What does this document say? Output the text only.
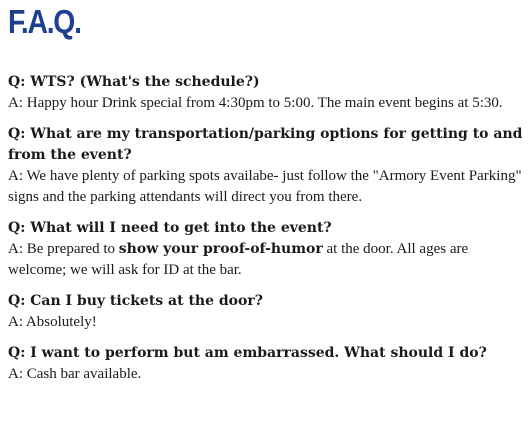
F.A.Q.

Q: WTS? (What's the schedule?)

A: Happy hour Drink special from 4:30pm to 5:00. The main event begins at 5:30.

Q: What are my transportation/parking options for getting to and from the event?

A: We have plenty of parking spots availabe- just follow the "Armory Event Parking" signs and the parking attendants will direct you from there.

Q: What will I need to get into the event?

A: Be prepared to show your proof-of-humor at the door. All ages are welcome; we will ask for ID at the bar.

Q: Can I buy tickets at the door?

A: Absolutely!

Q: I want to perform but am embarrassed. What should I do?

A: Cash bar available.
